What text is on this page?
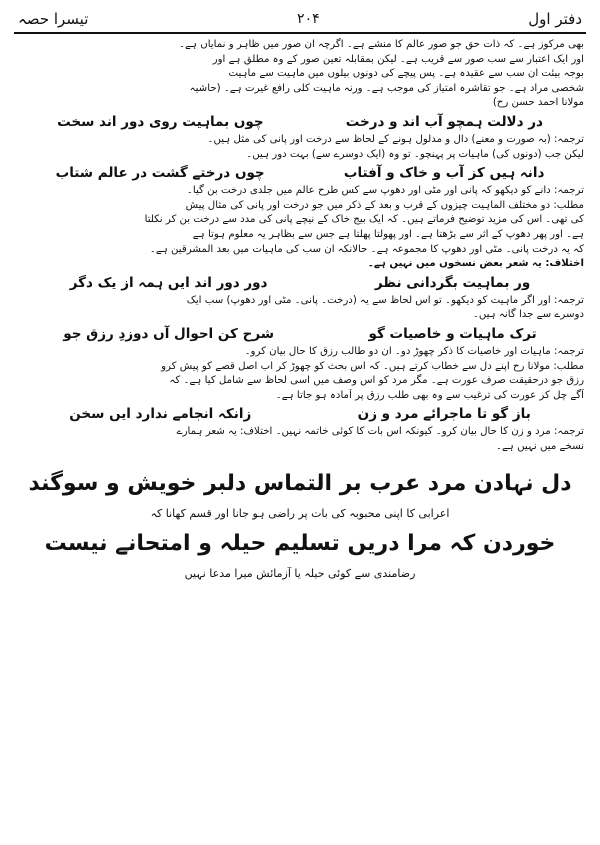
دفتر اول
۲۰۴
تیسرا حصہ
بھی مرکوز ہے۔ کہ ذات حق جو صور عالم کا منشے ہے۔ اگرچہ ان صور میں ظاہر و نمایاں ہے۔
اور ایک اعتبار سے سب صور سے قریب ہے۔ لیکن بمقابلہ تعین صور کے وہ مطلق ہے اور
بوجہ بیئت ان سب سے عقیدہ ہے۔ پس پیچے کی دونوں بیلوں میں ماہیت سے ماہیت
شخصی مراد ہے۔ جو تقاشرہ امتیاز کی موجب ہے۔ ورنہ ماہیت کلی رافع غیرت ہے۔ (حاشیہ
مولانا احمد حسن رح)
در دلالت ہمچو آب اند و درخت
چوں بماہیت روی دور اند سخت
ترجمہ: (بہ صورت و معنے) دال و مدلول ہونے کے لحاظ سے درخت اور پانی کی مثل ہیں۔
لیکن جب (دونوں کی) ماہیات پر پہنچو۔ تو وہ (ایک دوسرے سے) بہت دور ہیں۔
دانہ ہیں کز آب و خاک و آفتاب
چوں درختے گشت در عالم شتاب
ترجمہ: دانے کو دیکھو کہ پانی اور مٹی اور دھوپ سے کس طرح عالم میں جلدی درخت بن گیا۔
مطلب: دو مختلف الماہیت چیزوں کے قرب و بعد کے ذکر میں جو درخت اور پانی کی مثال پیش
کی تھی۔ اس کی مزید توضیح فرماتے ہیں۔ کہ ایک بیج خاک کے نیچے پانی کی مدد سے درخت بن کر نکلتا
ہے۔ اور پھر دھوپ کے اثر سے بڑھتا ہے۔ اور پھولتا پھلتا ہے جس سے بظاہر یہ معلوم ہوتا ہے
کہ یہ درخت پانی۔ مٹی اور دھوپ کا مجموعہ ہے۔ حالانکہ ان سب کی ماہیات میں بعد المشرقین ہے۔
اختلاف: یہ شعر بعض نسخوں میں نہیں ہے۔
ور بماہیت بگردانی نظر
دور دور اند ایں ہمہ از یک دگر
ترجمہ: اور اگر ماہیت کو دیکھو۔ تو اس لحاظ سے یہ (درخت۔ پانی۔ مٹی اور دھوپ) سب ایک
دوسرے سے جدا گانہ ہیں۔
ترک ماہیات و خاصیات گو
شرح کن احوال آں دوزدِ رزق جو
ترجمہ: ماہیات اور خاصیات کا ذکر چھوڑ دو۔ ان دو طالب رزق کا حال بیان کرو۔
مطلب: مولانا رح اپنے دل سے خطاب کرتے ہیں۔ کہ اس بحث کو چھوڑ کر اب اصل قصے کو پیش کرو
رزق جو درحقیقت صرف عورت ہے۔ مگر مرد کو اس وصف میں اسی لحاظ سے شامل کیا ہے۔ کہ
آگے چل کر عورت کی ترغیب سے وہ بھی طلب رزق پر آمادہ ہو جاتا ہے۔
باز گو تا ماجرائے مرد و زن
زانکہ انجامے ندارد ایں سخن
ترجمہ: مرد و زن کا حال بیان کرو۔ کیونکہ اس بات کا کوئی خاتمہ نہیں۔ اختلاف: یہ شعر ہمارے
نسخے میں نہیں ہے۔
دل نہادن مرد عرب بر التماس دلبر خویش و سوگند
اعرابی کا اپنی محبوبہ کی بات پر راضی ہو جانا اور قسم کھانا کہ
خوردن کہ مرا دریں تسلیم حیلہ و امتحانے نیست
رضامندی سے کوئی حیلہ یا آزمائش میرا مدعا نہیں
